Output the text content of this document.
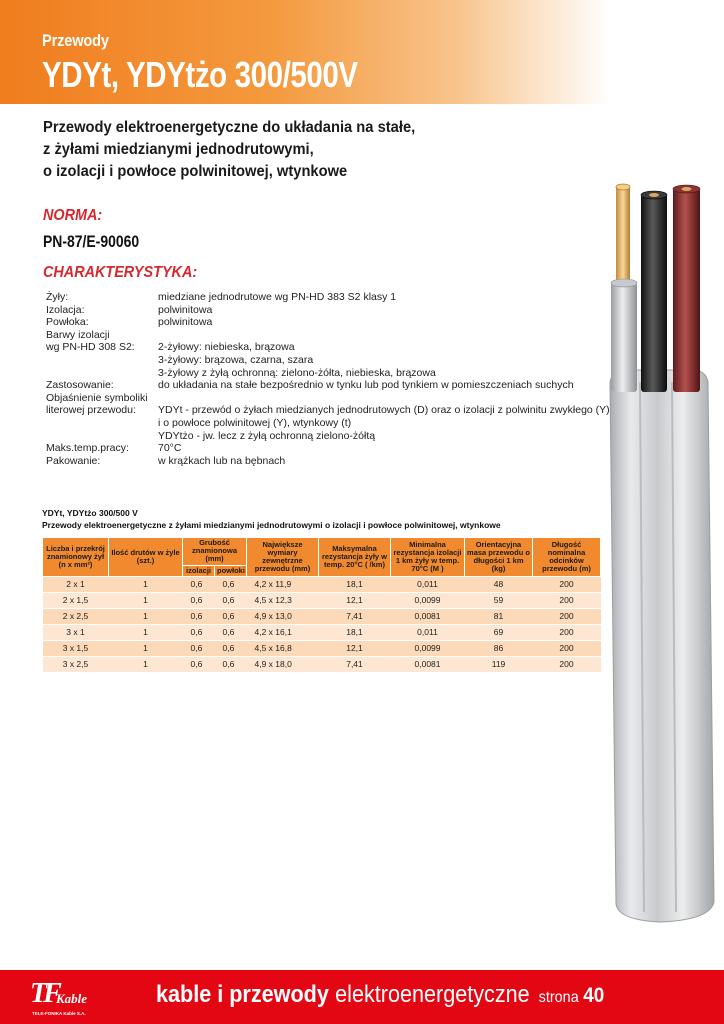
Przewody
YDYt, YDYtżo 300/500V
Przewody elektroenergetyczne do układania na stałe,
z żyłami miedzianymi jednodrutowymi,
o izolacji i powłoce polwinitowej, wtynkowe
NORMA:
PN-87/E-90060
CHARAKTERYSTYKA:
Żyły:	miedziane jednodrutowe wg PN-HD 383 S2 klasy 1
Izolacja:	polwinitowa
Powłoka:	polwinitowa
Barwy izolacji
wg PN-HD 308 S2:	2-żyłowy: niebieska, brązowa
3-żyłowy: brązowa, czarna, szara
3-żyłowy z żyłą ochronną: zielono-żółta, niebieska, brązowa
Zastosowanie:	do układania na stałe bezpośrednio w tynku lub pod tynkiem w pomieszczeniach suchych
Objaśnienie symboliki
literowej przewodu:	YDYt - przewód o żyłach miedzianych jednodrutowych (D) oraz o izolacji z polwinitu zwykłego (Y)
i o powłoce polwinitowej (Y), wtynkowy (t)
YDYtżo - jw. lecz z żyłą ochronną zielono-żółtą
Maks.temp.pracy:	70°C
Pakowanie:	w krążkach lub na bębnach
YDYt, YDYtżo 300/500 V
Przewody elektroenergetyczne z żyłami miedzianymi jednodrutowymi o izolacji i powłoce polwinitowej, wtynkowe
Liczba i przekrój znamionowy żył (n x mm²)	Ilość drutów w żyle (szt.)	Grubość znamionowa (mm)		Największe wymiary zewnętrzne przewodu (mm)	Maksymalna rezystancja żyły w temp. 20°C ( /km)	Minimalna rezystancja izolacji 1 km żyły w temp. 70°C (M )	Orientacyjna masa przewodu o długości 1 km (kg)	Długość nominalna odcinków przewodu (m)
		izolacji	powłoki					
2 x 1	1	0,6	0,6	4,2 x 11,9	18,1	0,011	48	200
2 x 1,5	1	0,6	0,6	4,5 x 12,3	12,1	0,0099	59	200
2 x 2,5	1	0,6	0,6	4,9 x 13,0	7,41	0,0081	81	200
3 x 1	1	0,6	0,6	4,2 x 16,1	18,1	0,011	69	200
3 x 1,5	1	0,6	0,6	4,5 x 16,8	12,1	0,0099	86	200
3 x 2,5	1	0,6	0,6	4,9 x 18,0	7,41	0,0081	119	200
TF
Kable
TELE-FONIKA Kable S.A.
kable i przewody elektroenergetyczne strona 40
